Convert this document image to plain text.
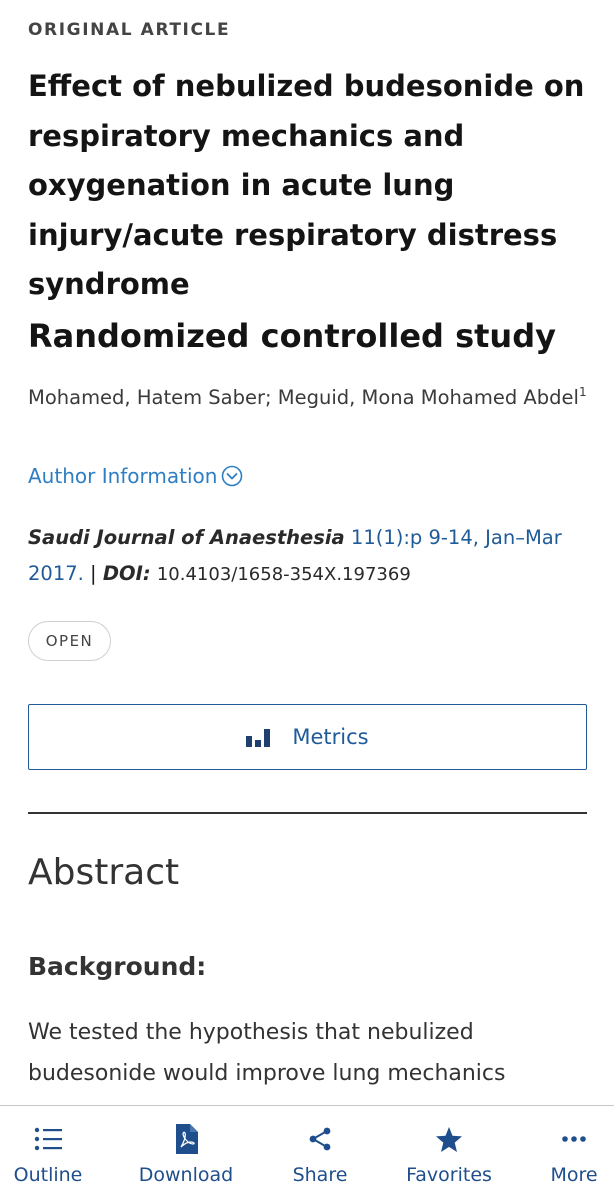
ORIGINAL ARTICLE
Effect of nebulized budesonide on respiratory mechanics and oxygenation in acute lung injury/acute respiratory distress syndrome
Randomized controlled study
Mohamed, Hatem Saber; Meguid, Mona Mohamed Abdel$^1$
Author Information
Saudi Journal of Anaesthesia 11(1):p 9-14, Jan–Mar 2017. | DOI: 10.4103/1658-354X.197369
OPEN
Metrics
Abstract
Background:

We tested the hypothesis that nebulized budesonide would improve lung mechanics

Outline	Download	Share	Favorites	More
